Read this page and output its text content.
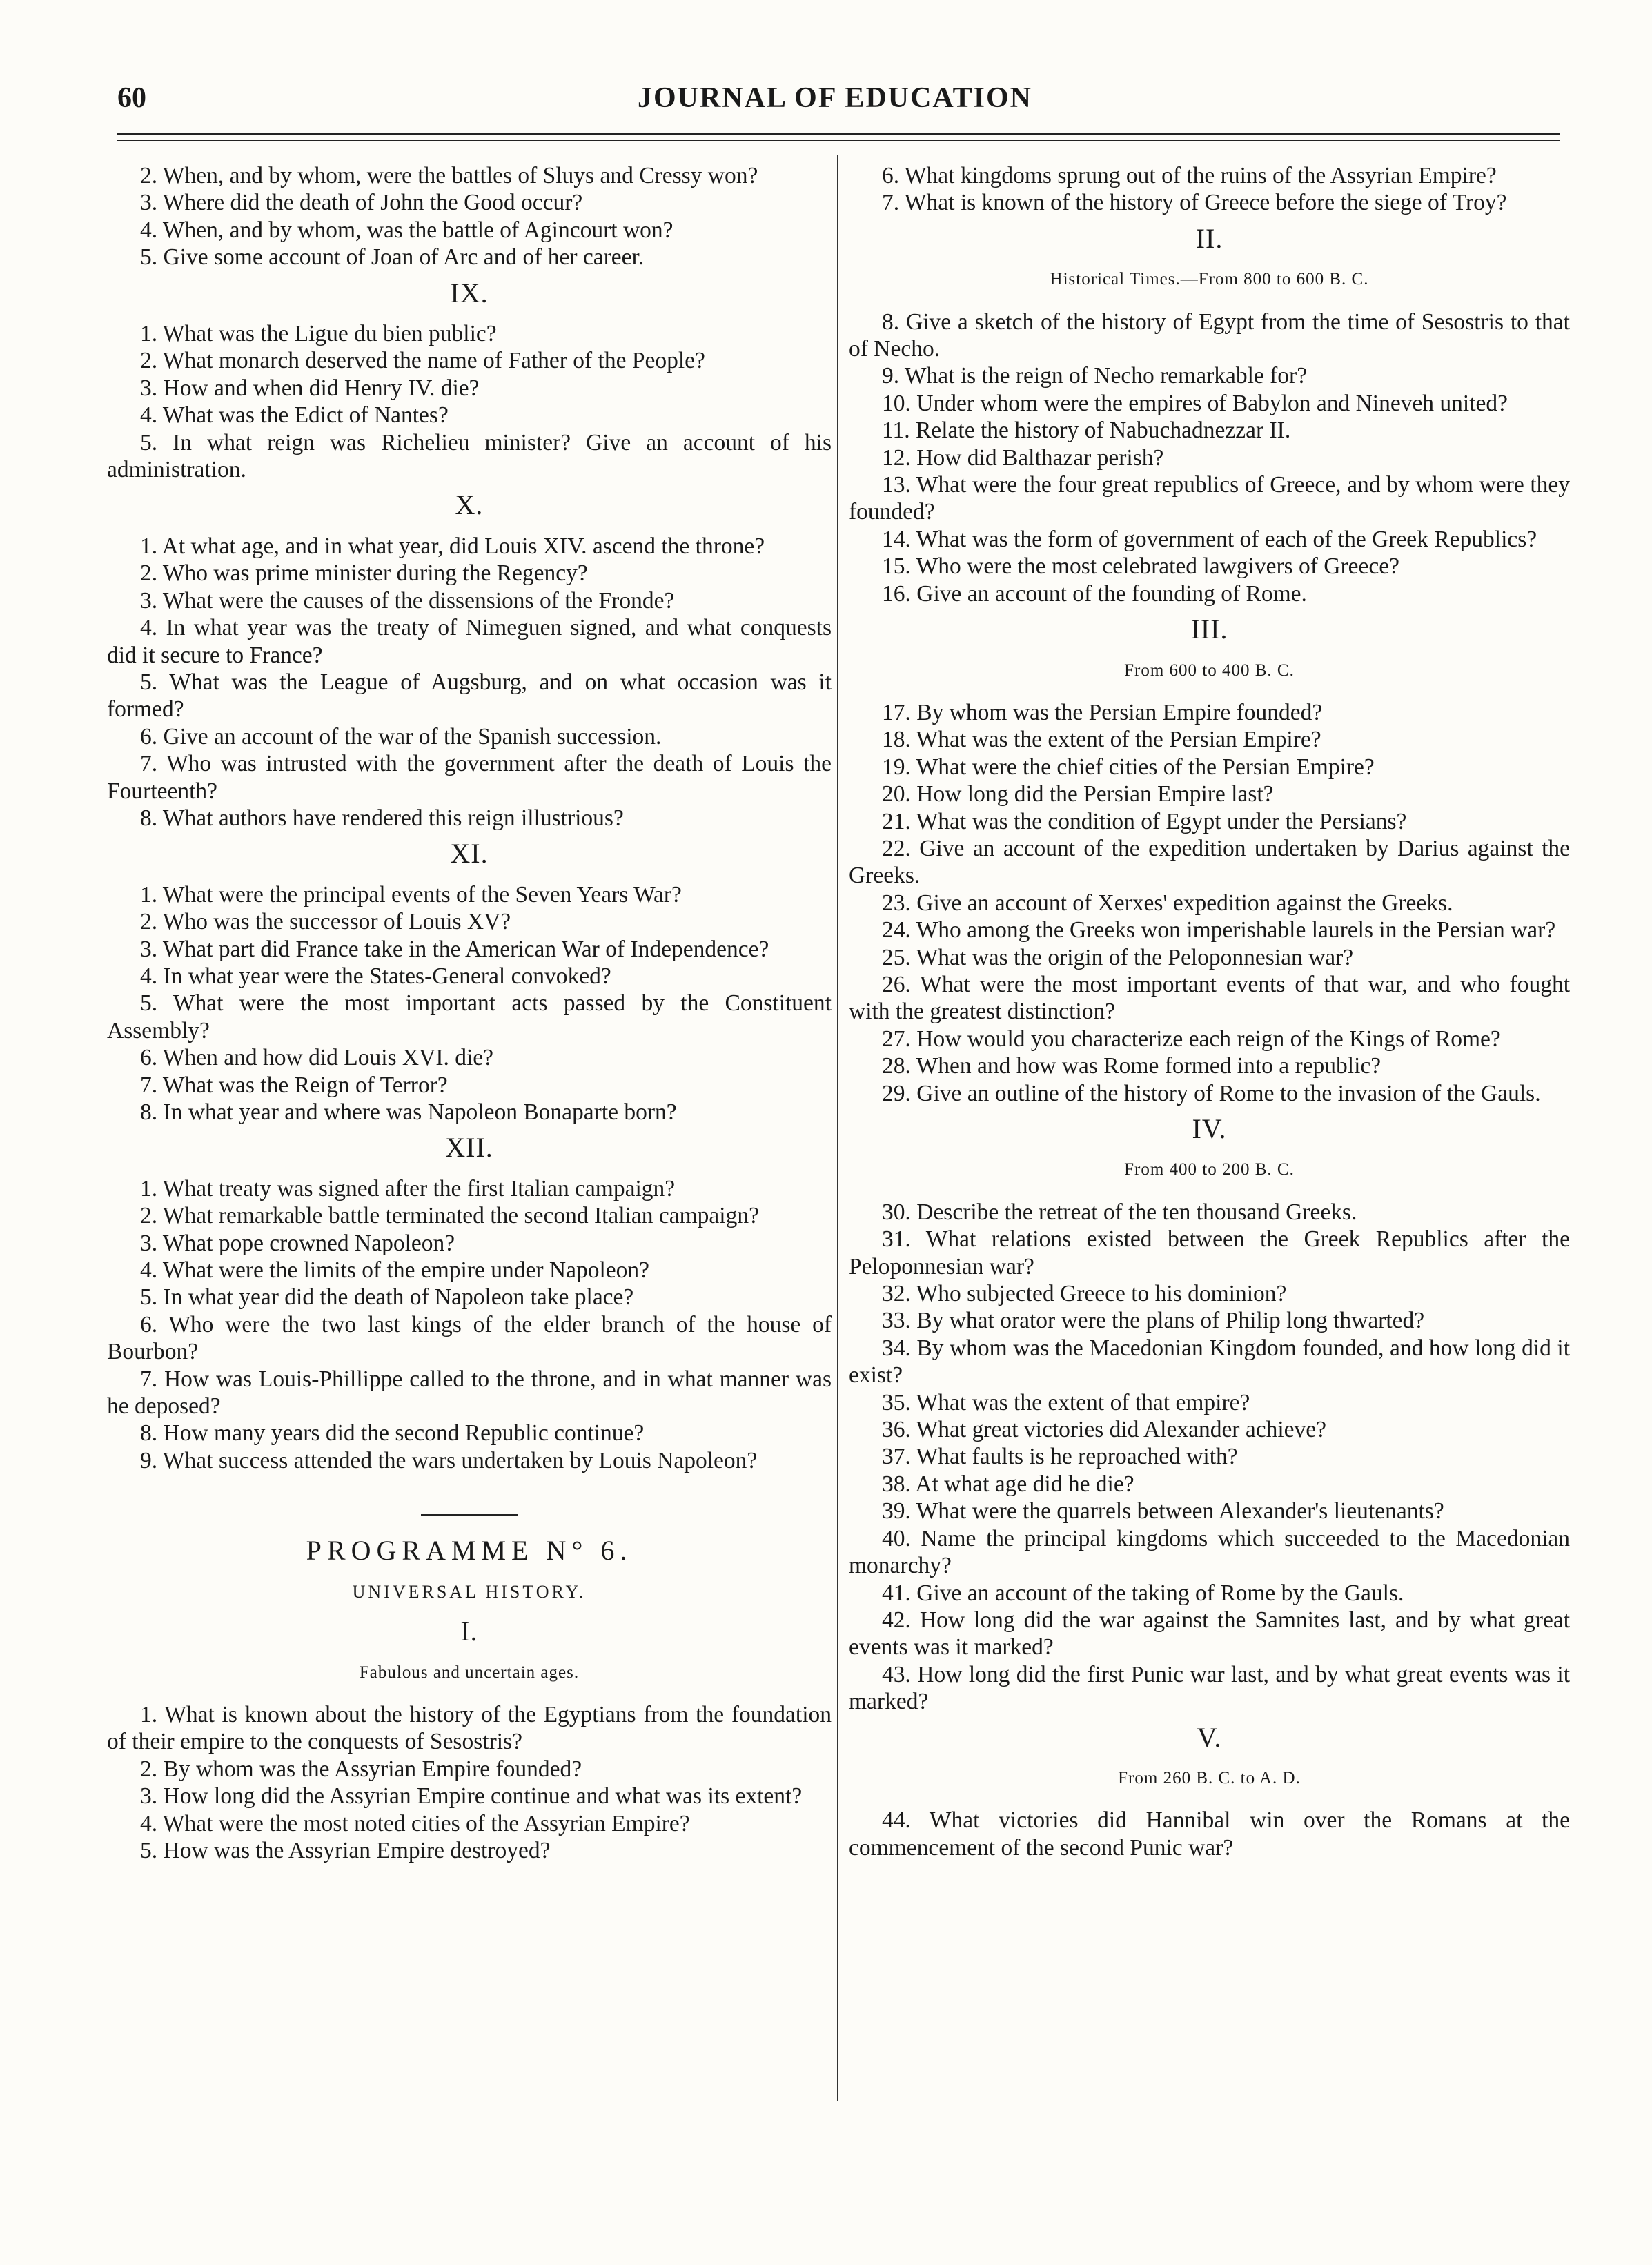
60	JOURNAL OF EDUCATION

2. When, and by whom, were the battles of Sluys and Cressy won?

3. Where did the death of John the Good occur?

4. When, and by whom, was the battle of Agincourt won?

5. Give some account of Joan of Arc and of her career.

IX.

1. What was the Ligue du bien public?

2. What monarch deserved the name of Father of the People?

3. How and when did Henry IV. die?

4. What was the Edict of Nantes?

5. In what reign was Richelieu minister? Give an account of his administration.

X.

1. At what age, and in what year, did Louis XIV. ascend the throne?

2. Who was prime minister during the Regency?

3. What were the causes of the dissensions of the Fronde?

4. In what year was the treaty of Nimeguen signed, and what conquests did it secure to France?

5. What was the League of Augsburg, and on what occasion was it formed?

6. Give an account of the war of the Spanish succession.

7. Who was intrusted with the government after the death of Louis the Fourteenth?

8. What authors have rendered this reign illustrious?

XI.

1. What were the principal events of the Seven Years War?

2. Who was the successor of Louis XV?

3. What part did France take in the American War of Independence?

4. In what year were the States-General convoked?

5. What were the most important acts passed by the Constituent Assembly?

6. When and how did Louis XVI. die?

7. What was the Reign of Terror?

8. In what year and where was Napoleon Bonaparte born?

XII.

1. What treaty was signed after the first Italian campaign?

2. What remarkable battle terminated the second Italian campaign?

3. What pope crowned Napoleon?

4. What were the limits of the empire under Napoleon?

5. In what year did the death of Napoleon take place?

6. Who were the two last kings of the elder branch of the house of Bourbon?

7. How was Louis-Phillippe called to the throne, and in what manner was he deposed?

8. How many years did the second Republic continue?

9. What success attended the wars undertaken by Louis Napoleon?

PROGRAMME N° 6.
UNIVERSAL HISTORY.
I.
Fabulous and uncertain ages.

1. What is known about the history of the Egyptians from the foundation of their empire to the conquests of Sesostris?

2. By whom was the Assyrian Empire founded?

3. How long did the Assyrian Empire continue and what was its extent?

4. What were the most noted cities of the Assyrian Empire?

5. How was the Assyrian Empire destroyed?

6. What kingdoms sprung out of the ruins of the Assyrian Empire?

7. What is known of the history of Greece before the siege of Troy?

II.
Historical Times.—From 800 to 600 B. C.

8. Give a sketch of the history of Egypt from the time of Sesostris to that of Necho.

9. What is the reign of Necho remarkable for?

10. Under whom were the empires of Babylon and Nineveh united?

11. Relate the history of Nabuchadnezzar II.

12. How did Balthazar perish?

13. What were the four great republics of Greece, and by whom were they founded?

14. What was the form of government of each of the Greek Republics?

15. Who were the most celebrated lawgivers of Greece?

16. Give an account of the founding of Rome.

III.
From 600 to 400 B. C.

17. By whom was the Persian Empire founded?

18. What was the extent of the Persian Empire?

19. What were the chief cities of the Persian Empire?

20. How long did the Persian Empire last?

21. What was the condition of Egypt under the Persians?

22. Give an account of the expedition undertaken by Darius against the Greeks.

23. Give an account of Xerxes' expedition against the Greeks.

24. Who among the Greeks won imperishable laurels in the Persian war?

25. What was the origin of the Peloponnesian war?

26. What were the most important events of that war, and who fought with the greatest distinction?

27. How would you characterize each reign of the Kings of Rome?

28. When and how was Rome formed into a republic?

29. Give an outline of the history of Rome to the invasion of the Gauls.

IV.
From 400 to 200 B. C.

30. Describe the retreat of the ten thousand Greeks.

31. What relations existed between the Greek Republics after the Peloponnesian war?

32. Who subjected Greece to his dominion?

33. By what orator were the plans of Philip long thwarted?

34. By whom was the Macedonian Kingdom founded, and how long did it exist?

35. What was the extent of that empire?

36. What great victories did Alexander achieve?

37. What faults is he reproached with?

38. At what age did he die?

39. What were the quarrels between Alexander's lieutenants?

40. Name the principal kingdoms which succeeded to the Macedonian monarchy?

41. Give an account of the taking of Rome by the Gauls.

42. How long did the war against the Samnites last, and by what great events was it marked?

43. How long did the first Punic war last, and by what great events was it marked?

V.
From 260 B. C. to A. D.

44. What victories did Hannibal win over the Romans at the commencement of the second Punic war?
